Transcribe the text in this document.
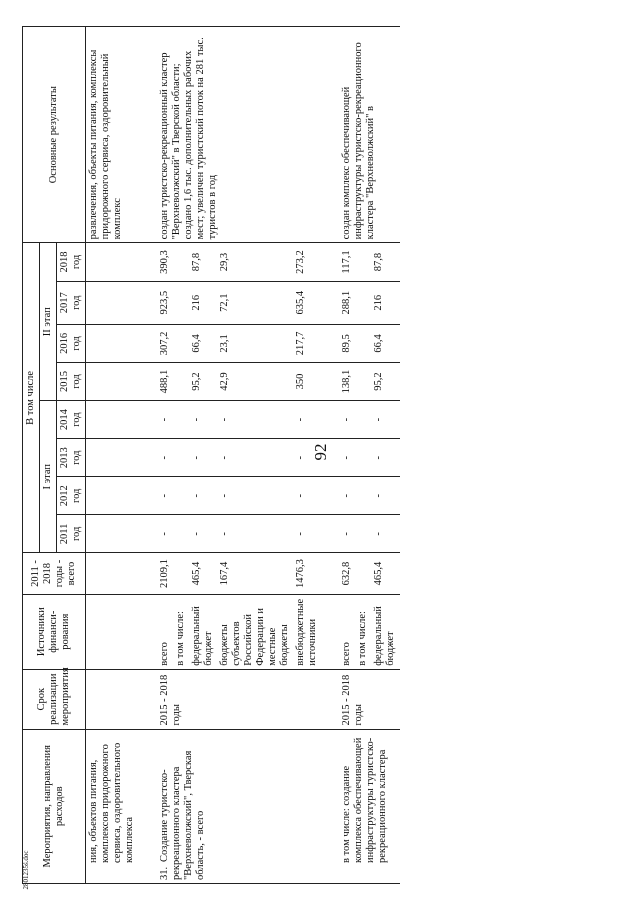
92
2801235ś.doc
Мероприятия, направления расходов	Срок реализации мероприятия	Источники финанси-рования	2011 - 2018 годы - всего	В том числе								Основные результаты
				I этап				II этап				
				2011 год	2012 год	2013 год	2014 год	2015 год	2016 год	2017 год	2018 год	
ния, объектов питания, комплексов придорожного сервиса, оздоровительного комплекса												развлечения, объекты питания, комплексы придорожного сервиса, оздоровительный комплекс

31.Создание туристско-рекреационного кластера "Верхневолжский", Тверская область, - всего	2015 - 2018 годы	всего	2109,1	-	-	-	-	488,1	307,2	923,5	390,3	создан туристско-рекреационный кластер "Верхневолжский" в Тверской области; создано 1,6 тыс. дополнительных рабочих мест; увеличен туристский поток на 281 тыс. туристов в год
		в том числе:										
		федеральный бюджет	465,4	-	-	-	-	95,2	66,4	216	87,8	
		бюджеты субъектов Российской Федерации и местные бюджеты	167,4	-	-	-	-	42,9	23,1	72,1	29,3	
		внебюджетные источники	1476,3	-	-	-	-	350	217,7	635,4	273,2	

в том числе: создание комплекса обеспечивающей инфраструктуры туристско-рекреационного кластера	2015 - 2018 годы	всего	632,8	-	-	-	-	138,1	89,5	288,1	117,1	создан комплекс обеспечивающей инфраструктуры туристско-рекреационного кластера "Верхневолжский" в
		в том числе:										
		федеральный бюджет	465,4	-	-	-	-	95,2	66,4	216	87,8	
